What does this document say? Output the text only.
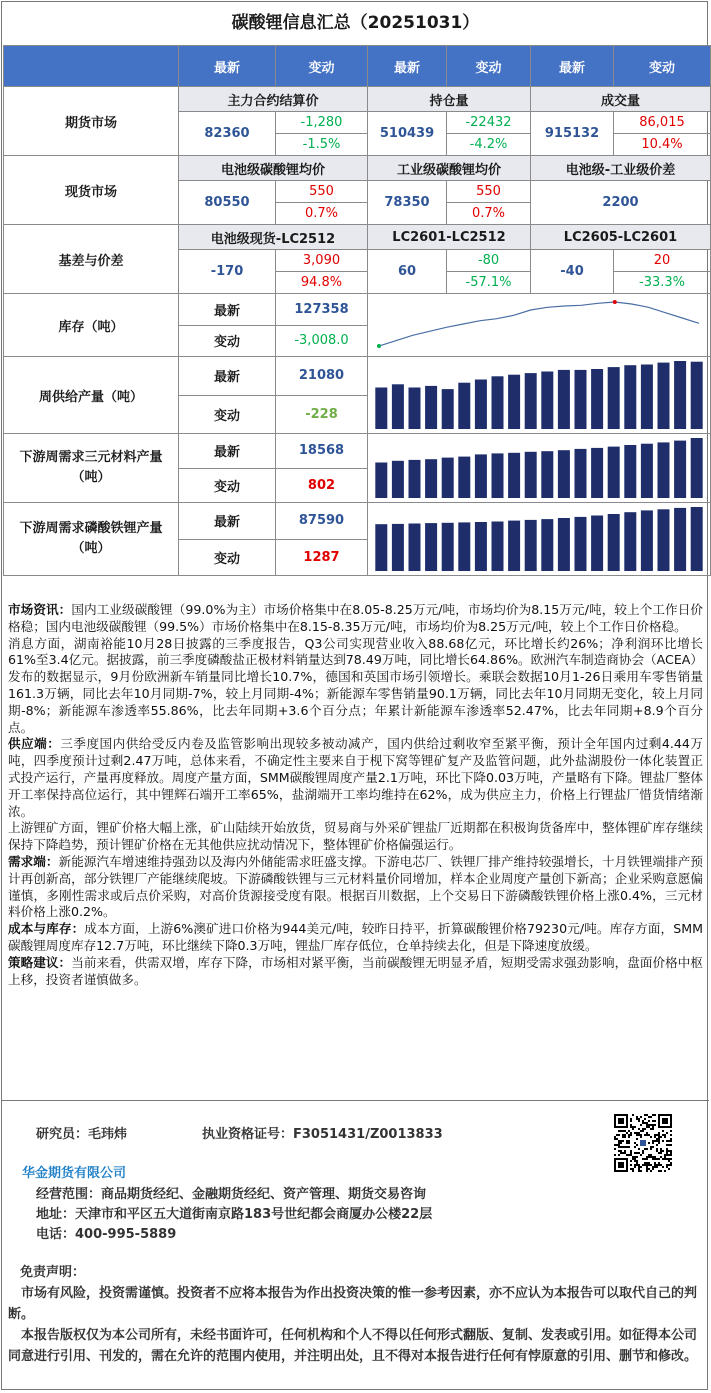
碳酸锂信息汇总（20251031）
	最新	变动	最新	变动	最新	变动
期货市场	主力合约结算价		持仓量		成交量	
	82360	-1,280	510439	-22432	915132	86,015
		-1.5%		-4.2%		10.4%
现货市场	电池级碳酸锂均价		工业级碳酸锂均价		电池级-工业级价差	
	80550	550	78350	550	2200	
		0.7%		0.7%		
基差与价差	电池级现货-LC2512		LC2601-LC2512		LC2605-LC2601	
	-170	3,090	60	-80	-40	20
		94.8%		-57.1%		-33.3%
库存（吨）	最新	127358	
	变动	-3,008.0				
周供给产量（吨）	最新	21080	
	变动	-228				
下游周需求三元材料产量（吨）	最新	18568	
	变动	802				
下游周需求磷酸铁锂产量（吨）	最新	87590	
	变动	1287				

市场资讯：国内工业级碳酸锂（99.0%为主）市场价格集中在8.05-8.25万元/吨，市场均价为8.15万元/吨，较上个工作日价格稳；国内电池级碳酸锂（99.5%）市场价格集中在8.15-8.35万元/吨，市场均价为8.25万元/吨，较上个工作日价格稳。

消息方面，湖南裕能10月28日披露的三季度报告，Q3公司实现营业收入88.68亿元，环比增长约26%；净利润环比增长61%至3.4亿元。据披露，前三季度磷酸盐正极材料销量达到78.49万吨，同比增长64.86%。欧洲汽车制造商协会（ACEA）发布的数据显示，9月份欧洲新车销量同比增长10.7%，德国和英国市场引领增长。乘联会数据10月1-26日乘用车零售销量161.3万辆，同比去年10月同期-7%，较上月同期-4%；新能源车零售销量90.1万辆，同比去年10月同期无变化，较上月同期-8%；新能源车渗透率55.86%，比去年同期+3.6个百分点；年累计新能源车渗透率52.47%，比去年同期+8.9个百分点。

供应端：三季度国内供给受反内卷及监管影响出现较多被动减产，国内供给过剩收窄至紧平衡，预计全年国内过剩4.44万吨，四季度预计过剩2.47万吨，总体来看，不确定性主要来自于枧下窝等锂矿复产及监管问题，此外盐湖股份一体化装置正式投产运行，产量再度释放。周度产量方面，SMM碳酸锂周度产量2.1万吨，环比下降0.03万吨，产量略有下降。锂盐厂整体开工率保持高位运行，其中锂辉石端开工率65%，盐湖端开工率均维持在62%，成为供应主力，价格上行锂盐厂惜货情绪渐浓。

上游锂矿方面，锂矿价格大幅上涨，矿山陆续开始放货，贸易商与外采矿锂盐厂近期都在积极询货备库中，整体锂矿库存继续保持下降趋势，预计锂矿价格在无其他供应扰动情况下，整体锂矿价格偏强运行。

需求端：新能源汽车增速维持强劲以及海内外储能需求旺盛支撑。下游电芯厂、铁锂厂排产维持较强增长，十月铁锂端排产预计再创新高，部分铁锂厂产能继续爬坡。下游磷酸铁锂与三元材料量价同增加，样本企业周度产量创下新高；企业采购意愿偏谨慎，多刚性需求或后点价采购，对高价货源接受度有限。根据百川数据，上个交易日下游磷酸铁锂价格上涨0.4%，三元材料价格上涨0.2%。

成本与库存：成本方面，上游6%澳矿进口价格为944美元/吨，较昨日持平，折算碳酸锂价格79230元/吨。库存方面，SMM碳酸锂周度库存12.7万吨，环比继续下降0.3万吨，锂盐厂库存低位，仓单持续去化，但是下降速度放缓。

策略建议：当前来看，供需双增，库存下降，市场相对紧平衡，当前碳酸锂无明显矛盾，短期受需求强劲影响，盘面价格中枢上移，投资者谨慎做多。

研究员：毛玮炜	执业资格证号：F3051431/Z0013833
华金期货有限公司
经营范围：商品期货经纪、金融期货经纪、资产管理、期货交易咨询
地址：天津市和平区五大道街南京路183号世纪都会商厦办公楼22层
电话：400-995-5889
免责声明：
市场有风险，投资需谨慎。投资者不应将本报告为作出投资决策的惟一参考因素，亦不应认为本报告可以取代自己的判断。
本报告版权仅为本公司所有，未经书面许可，任何机构和个人不得以任何形式翻版、复制、发表或引用。如征得本公司同意进行引用、刊发的，需在允许的范围内使用，并注明出处，且不得对本报告进行任何有悖原意的引用、删节和修改。
